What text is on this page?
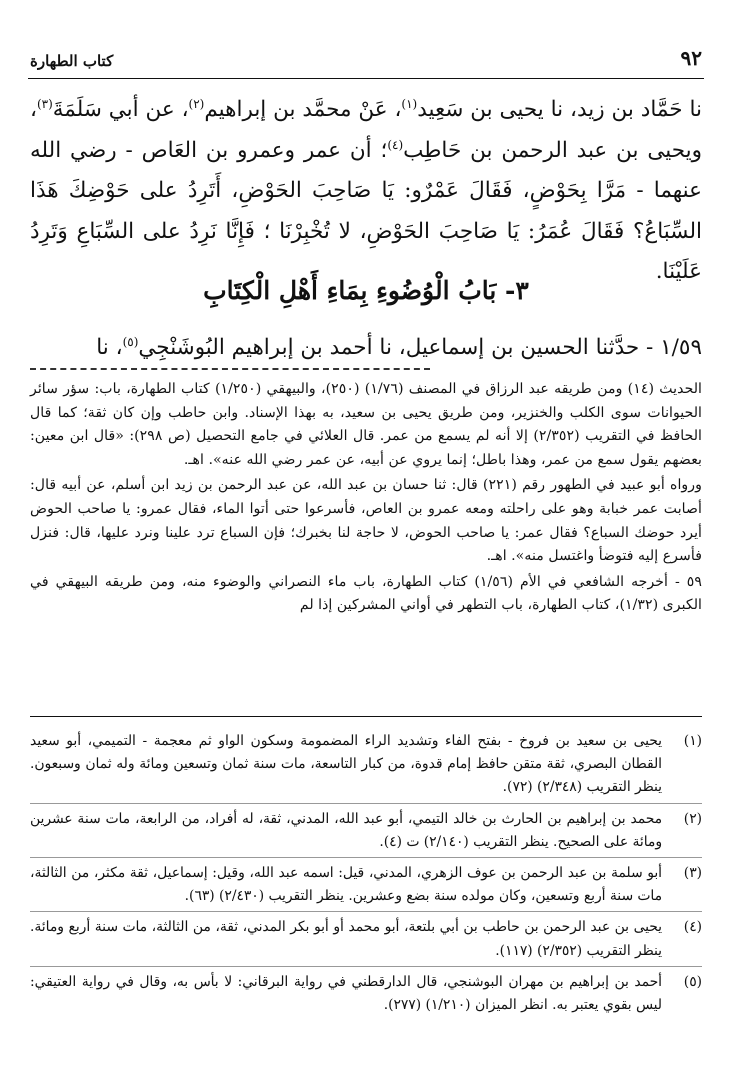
٩٢
كتاب الطهارة

نا حَمَّاد بن زيد، نا يحيى بن سَعِيد$^{(١)}$، عَنْ محمَّد بن إبراهيم$^{(٢)}$، عن أبي سَلَمَةَ$^{(٣)}$، ويحيى بن عبد الرحمن بن حَاطِب$^{(٤)}$؛ أن عمر وعمرو بن العَاص - رضي الله عنهما - مَرَّا بِحَوْضٍ، فَقَالَ عَمْرٌو: يَا صَاحِبَ الحَوْضِ، أَتَرِدُ على حَوْضِكَ هَذَا السِّبَاعُ؟ فَقَالَ عُمَرُ: يَا صَاحِبَ الحَوْضِ، لا تُخْبِرْنَا ؛ فَإِنَّا نَرِدُ على السِّبَاعِ وَتَرِدُ عَلَيْنَا.

٣- بَابُ الْوُضُوءِ بِمَاءِ أَهْلِ الْكِتَابِ
١/٥٩ - حدَّثنا الحسين بن إسماعيل، نا أحمد بن إبراهيم البُوشَنْجِي$^{(٥)}$، نا

الحديث (١٤) ومن طريقه عبد الرزاق في المصنف (١/٧٦) (٢٥٠)، والبيهقي (١/٢٥٠) كتاب الطهارة، باب: سؤر سائر الحيوانات سوى الكلب والخنزير، ومن طريق يحيى بن سعيد، به بهذا الإسناد. وابن حاطب وإن كان ثقة؛ كما قال الحافظ في التقريب (٢/٣٥٢) إلا أنه لم يسمع من عمر. قال العلائي في جامع التحصيل (ص ٢٩٨): «قال ابن معين: بعضهم يقول سمع من عمر، وهذا باطل؛ إنما يروي عن أبيه، عن عمر رضي الله عنه». اهـ.

ورواه أبو عبيد في الطهور رقم (٢٢١) قال: ثنا حسان بن عبد الله، عن عبد الرحمن بن زيد ابن أسلم، عن أبيه قال: أصابت عمر خبابة وهو على راحلته ومعه عمرو بن العاص، فأسرعوا حتى أتوا الماء، فقال عمرو: يا صاحب الحوض أيرد حوضك السباع؟ فقال عمر: يا صاحب الحوض، لا حاجة لنا بخبرك؛ فإن السباع ترد علينا ونرد عليها، قال: فنزل فأسرع إليه فتوضأ واغتسل منه». اهـ.

٥٩ - أخرجه الشافعي في الأم (١/٥٦) كتاب الطهارة، باب ماء النصراني والوضوء منه، ومن طريقه البيهقي في الكبرى (١/٣٢)، كتاب الطهارة، باب التطهر في أواني المشركين إذا لم

(١)
يحيى بن سعيد بن فروخ - بفتح الفاء وتشديد الراء المضمومة وسكون الواو ثم معجمة - التميمي، أبو سعيد القطان البصري، ثقة متقن حافظ إمام قدوة، من كبار التاسعة، مات سنة ثمان وتسعين ومائة وله ثمان وسبعون. ينظر التقريب (٢/٣٤٨) (٧٢).
(٢)
محمد بن إبراهيم بن الحارث بن خالد التيمي، أبو عبد الله، المدني، ثقة، له أفراد، من الرابعة، مات سنة عشرين ومائة على الصحيح. ينظر التقريب (٢/١٤٠) ت (٤).
(٣)
أبو سلمة بن عبد الرحمن بن عوف الزهري، المدني، قيل: اسمه عبد الله، وقيل: إسماعيل، ثقة مكثر، من الثالثة، مات سنة أربع وتسعين، وكان مولده سنة بضع وعشرين. ينظر التقريب (٢/٤٣٠) (٦٣).
(٤)
يحيى بن عبد الرحمن بن حاطب بن أبي بلتعة، أبو محمد أو أبو بكر المدني، ثقة، من الثالثة، مات سنة أربع ومائة. ينظر التقريب (٢/٣٥٢) (١١٧).
(٥)
أحمد بن إبراهيم بن مهران البوشنجي، قال الدارقطني في رواية البرقاني: لا بأس به، وقال في رواية العتيقي: ليس بقوي يعتبر به. انظر الميزان (١/٢١٠) (٢٧٧).
